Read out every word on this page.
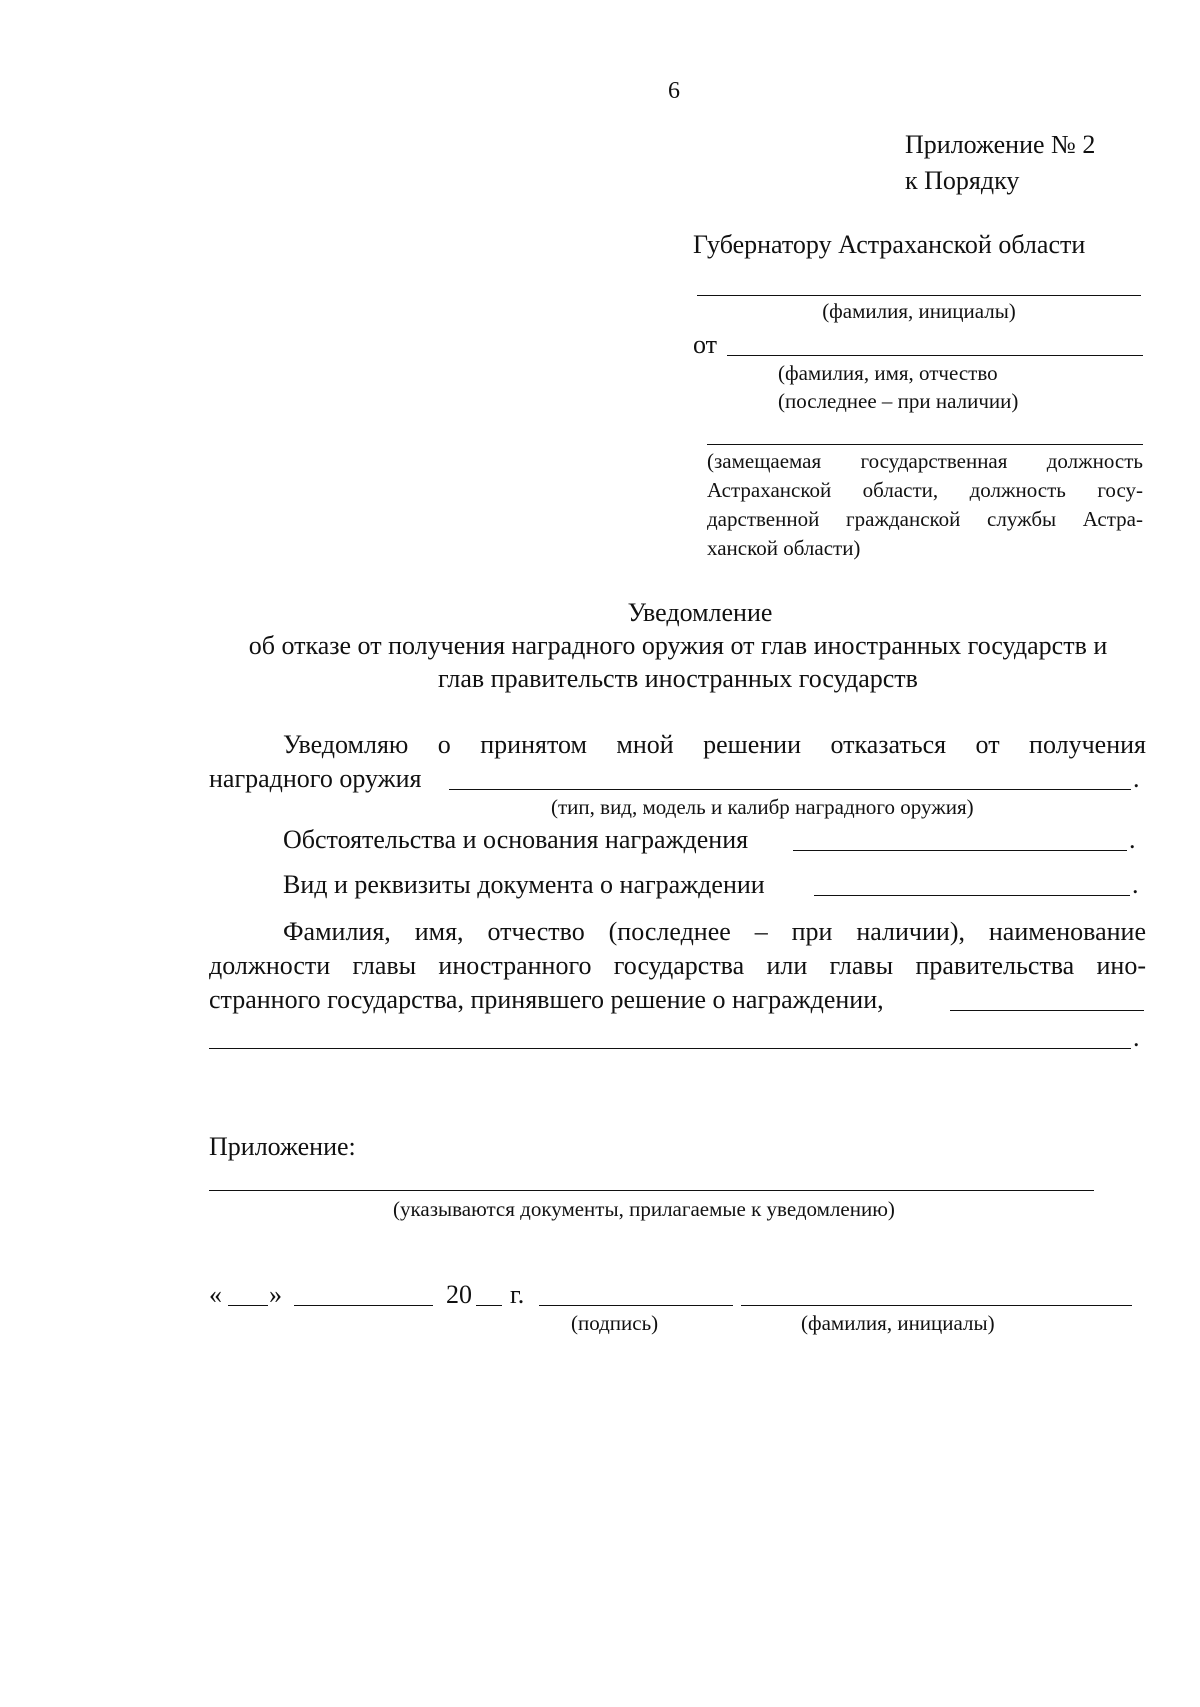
6
Приложение № 2
к Порядку
Губернатору Астраханской области
(фамилия, инициалы)
от
(фамилия, имя, отчество
(последнее – при наличии)
(замещаемая государственная должность
Астраханской области, должность госу-
дарственной гражданской службы Астра-
ханской области)
Уведомление
об отказе от получения наградного оружия от глав иностранных государств и
глав правительств иностранных государств
Уведомляю о принятом мной решении отказаться от получения
наградного оружия	.
(тип, вид, модель и калибр наградного оружия)
Обстоятельства и основания награждения	.
Вид и реквизиты документа о награждении	.
Фамилия, имя, отчество (последнее – при наличии), наименование
должности главы иностранного государства или главы правительства ино-
странного государства, принявшего решение о награждении,
.
Приложение:
(указываются документы, прилагаемые к уведомлению)
« »	20 г.
(подпись)	(фамилия, инициалы)
